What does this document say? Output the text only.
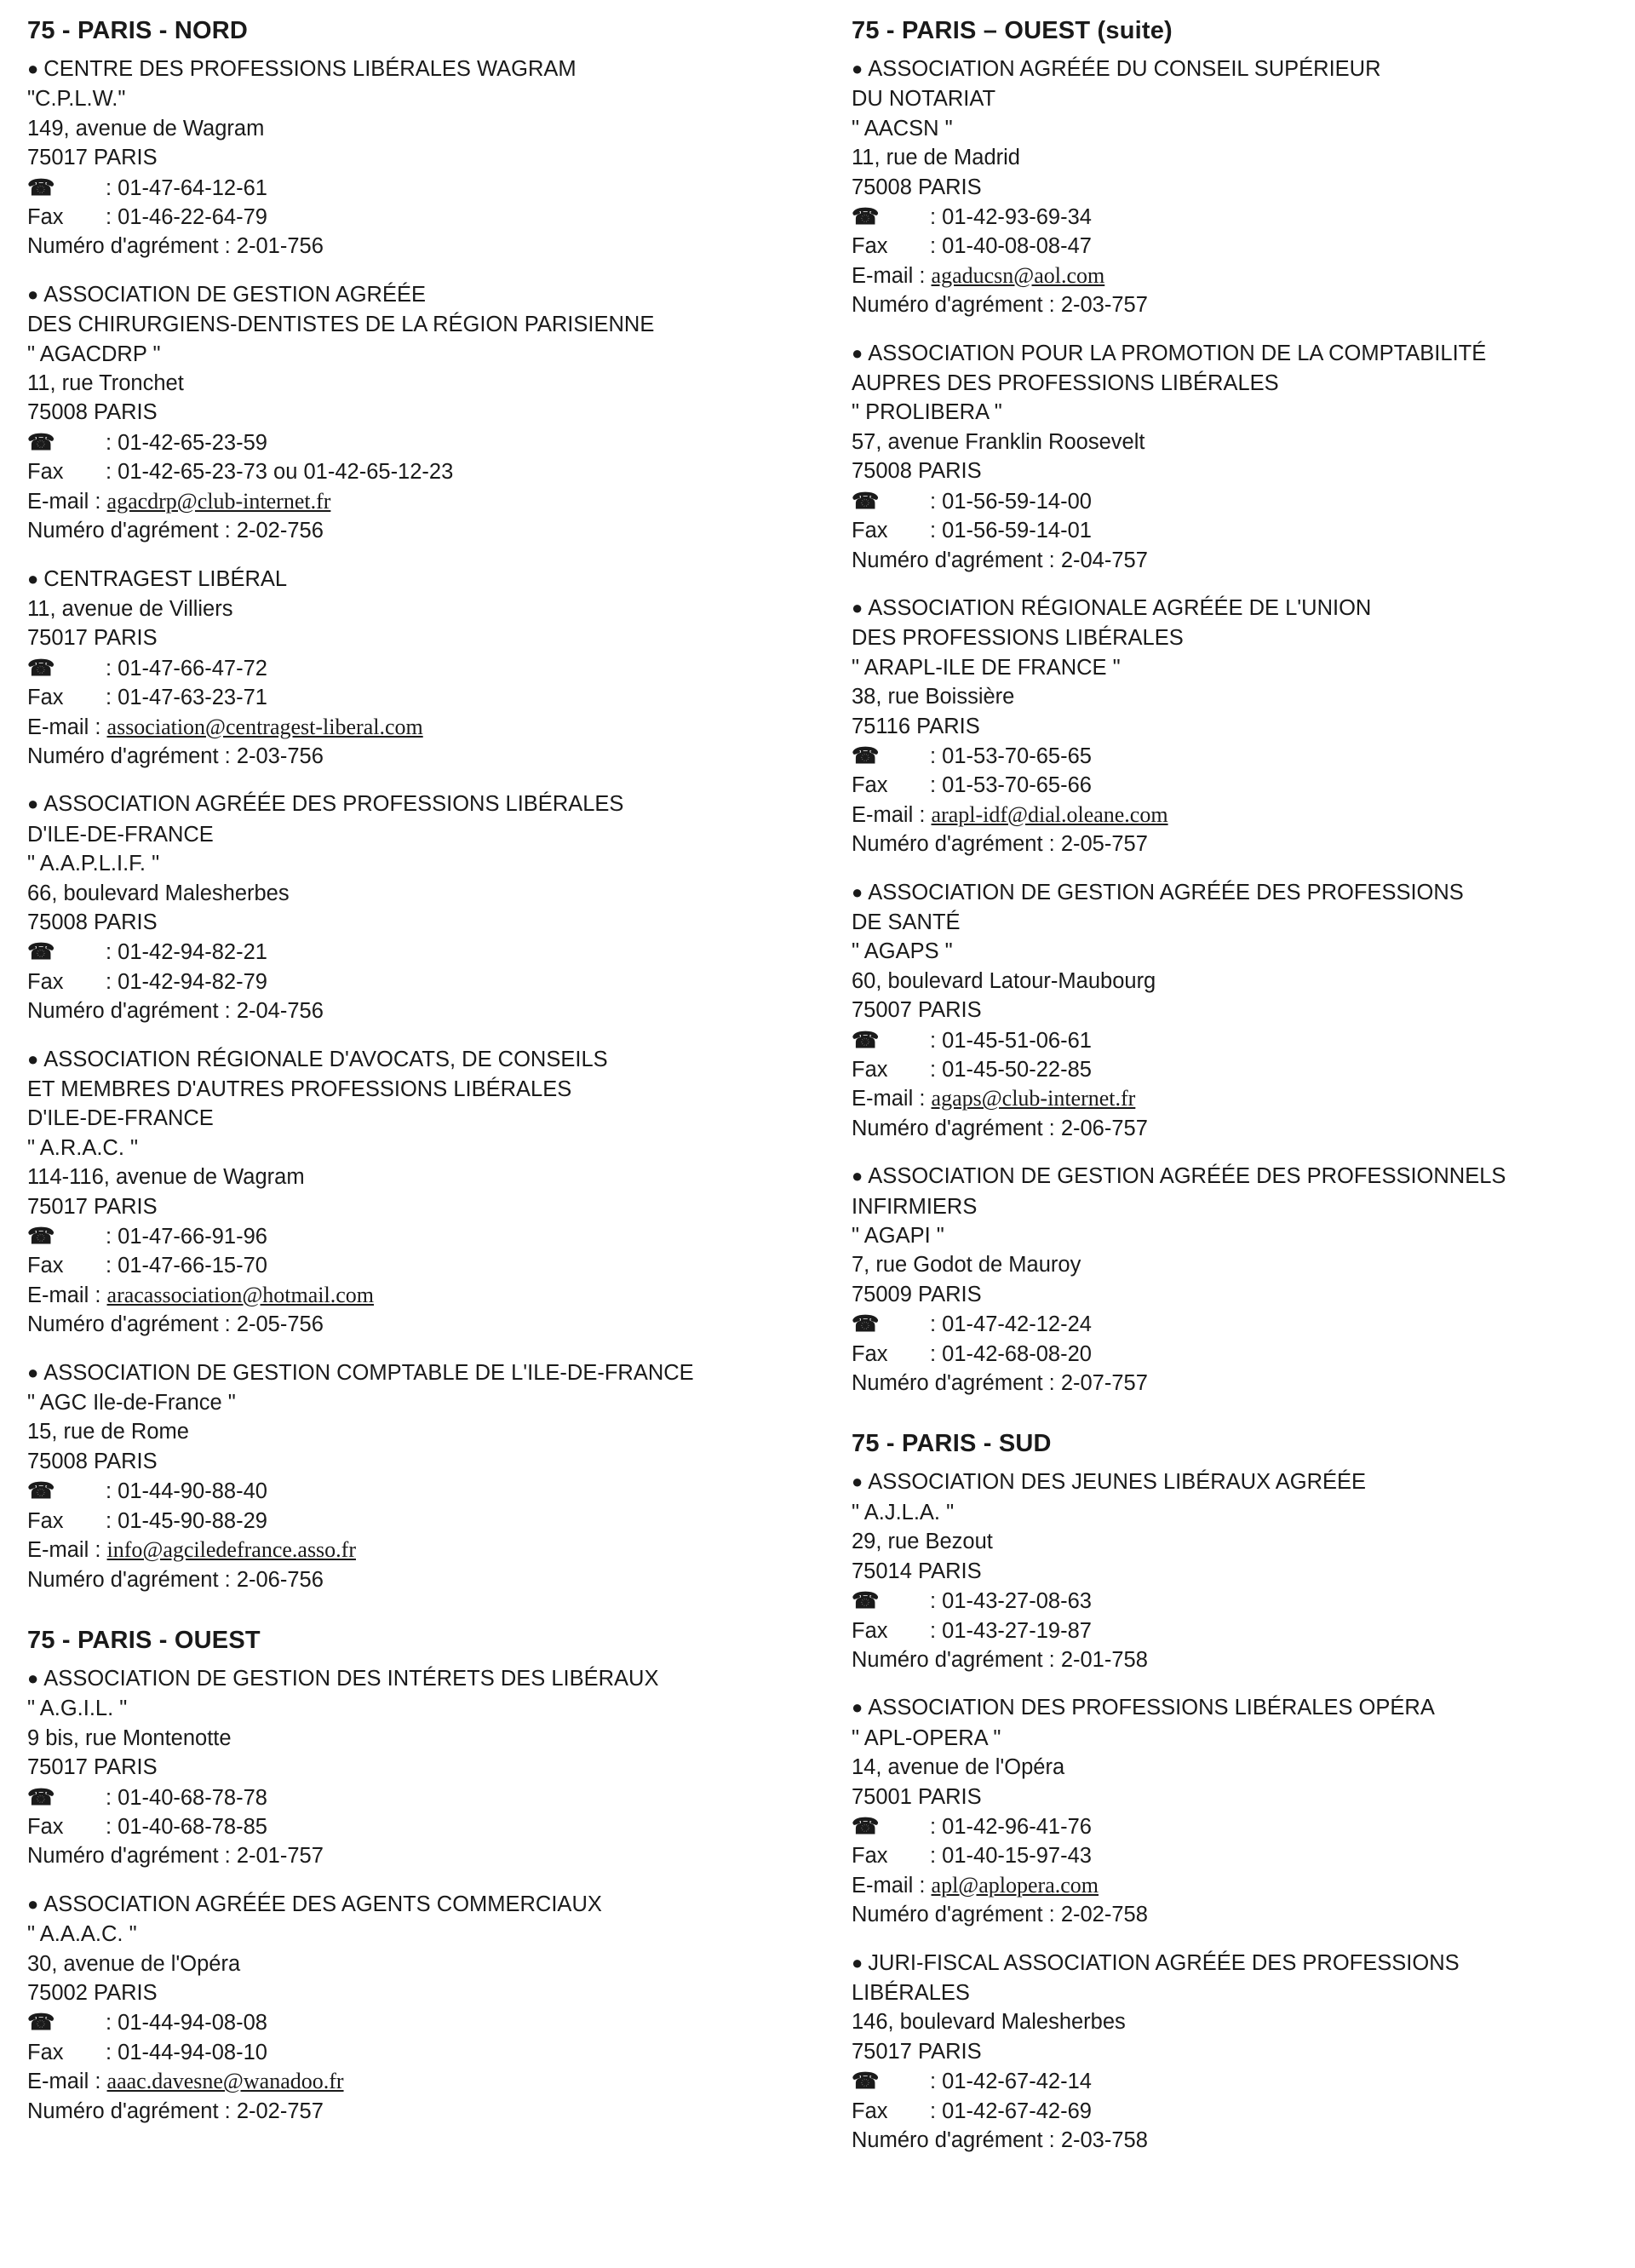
75 - PARIS - NORD
● CENTRE DES PROFESSIONS LIBÉRALES WAGRAM
"C.P.L.W."
149, avenue de Wagram
75017 PARIS
☎ : 01-47-64-12-61
Fax : 01-46-22-64-79
Numéro d'agrément : 2-01-756
● ASSOCIATION DE GESTION AGRÉÉE
DES CHIRURGIENS-DENTISTES DE LA RÉGION PARISIENNE
" AGACDRP "
11, rue Tronchet
75008 PARIS
☎ : 01-42-65-23-59
Fax : 01-42-65-23-73 ou 01-42-65-12-23
E-mail : agacdrp@club-internet.fr
Numéro d'agrément : 2-02-756
● CENTRAGEST LIBÉRAL
11, avenue de Villiers
75017 PARIS
☎ : 01-47-66-47-72
Fax : 01-47-63-23-71
E-mail : association@centragest-liberal.com
Numéro d'agrément : 2-03-756
● ASSOCIATION AGRÉÉE DES PROFESSIONS LIBÉRALES
D'ILE-DE-FRANCE
" A.A.P.L.I.F. "
66, boulevard Malesherbes
75008 PARIS
☎ : 01-42-94-82-21
Fax : 01-42-94-82-79
Numéro d'agrément : 2-04-756
● ASSOCIATION RÉGIONALE D'AVOCATS, DE CONSEILS
ET MEMBRES D'AUTRES PROFESSIONS LIBÉRALES
D'ILE-DE-FRANCE
" A.R.A.C. "
114-116, avenue de Wagram
75017 PARIS
☎ : 01-47-66-91-96
Fax : 01-47-66-15-70
E-mail : aracassociation@hotmail.com
Numéro d'agrément : 2-05-756
● ASSOCIATION DE GESTION COMPTABLE DE L'ILE-DE-FRANCE
" AGC Ile-de-France "
15, rue de Rome
75008 PARIS
☎ : 01-44-90-88-40
Fax : 01-45-90-88-29
E-mail : info@agciledefrance.asso.fr
Numéro d'agrément : 2-06-756
75 - PARIS - OUEST
● ASSOCIATION DE GESTION DES INTÉRETS DES LIBÉRAUX
" A.G.I.L. "
9 bis, rue Montenotte
75017 PARIS
☎ : 01-40-68-78-78
Fax : 01-40-68-78-85
Numéro d'agrément : 2-01-757
● ASSOCIATION AGRÉÉE DES AGENTS COMMERCIAUX
" A.A.A.C. "
30, avenue de l'Opéra
75002 PARIS
☎ : 01-44-94-08-08
Fax : 01-44-94-08-10
E-mail : aaac.davesne@wanadoo.fr
Numéro d'agrément : 2-02-757
75 - PARIS – OUEST (suite)
● ASSOCIATION AGRÉÉE DU CONSEIL SUPÉRIEUR
DU NOTARIAT
" AACSN "
11, rue de Madrid
75008 PARIS
☎ : 01-42-93-69-34
Fax : 01-40-08-08-47
E-mail : agaducsn@aol.com
Numéro d'agrément : 2-03-757
● ASSOCIATION POUR LA PROMOTION DE LA COMPTABILITÉ
AUPRES DES PROFESSIONS LIBÉRALES
" PROLIBERA "
57, avenue Franklin Roosevelt
75008 PARIS
☎ : 01-56-59-14-00
Fax : 01-56-59-14-01
Numéro d'agrément : 2-04-757
● ASSOCIATION RÉGIONALE AGRÉÉE DE L'UNION
DES PROFESSIONS LIBÉRALES
" ARAPL-ILE DE FRANCE "
38, rue Boissière
75116 PARIS
☎ : 01-53-70-65-65
Fax : 01-53-70-65-66
E-mail : arapl-idf@dial.oleane.com
Numéro d'agrément : 2-05-757
● ASSOCIATION DE GESTION AGRÉÉE DES PROFESSIONS
DE SANTÉ
" AGAPS "
60, boulevard Latour-Maubourg
75007 PARIS
☎ : 01-45-51-06-61
Fax : 01-45-50-22-85
E-mail : agaps@club-internet.fr
Numéro d'agrément : 2-06-757
● ASSOCIATION DE GESTION AGRÉÉE DES PROFESSIONNELS
INFIRMIERS
" AGAPI "
7, rue Godot de Mauroy
75009 PARIS
☎ : 01-47-42-12-24
Fax : 01-42-68-08-20
Numéro d'agrément : 2-07-757
75 - PARIS - SUD
● ASSOCIATION DES JEUNES LIBÉRAUX AGRÉÉE
" A.J.L.A. "
29, rue Bezout
75014 PARIS
☎ : 01-43-27-08-63
Fax : 01-43-27-19-87
Numéro d'agrément : 2-01-758
● ASSOCIATION DES PROFESSIONS LIBÉRALES OPÉRA
" APL-OPERA "
14, avenue de l'Opéra
75001 PARIS
☎ : 01-42-96-41-76
Fax : 01-40-15-97-43
E-mail : apl@aplopera.com
Numéro d'agrément : 2-02-758
● JURI-FISCAL ASSOCIATION AGRÉÉE DES PROFESSIONS
LIBÉRALES
146, boulevard Malesherbes
75017 PARIS
☎ : 01-42-67-42-14
Fax : 01-42-67-42-69
Numéro d'agrément : 2-03-758
